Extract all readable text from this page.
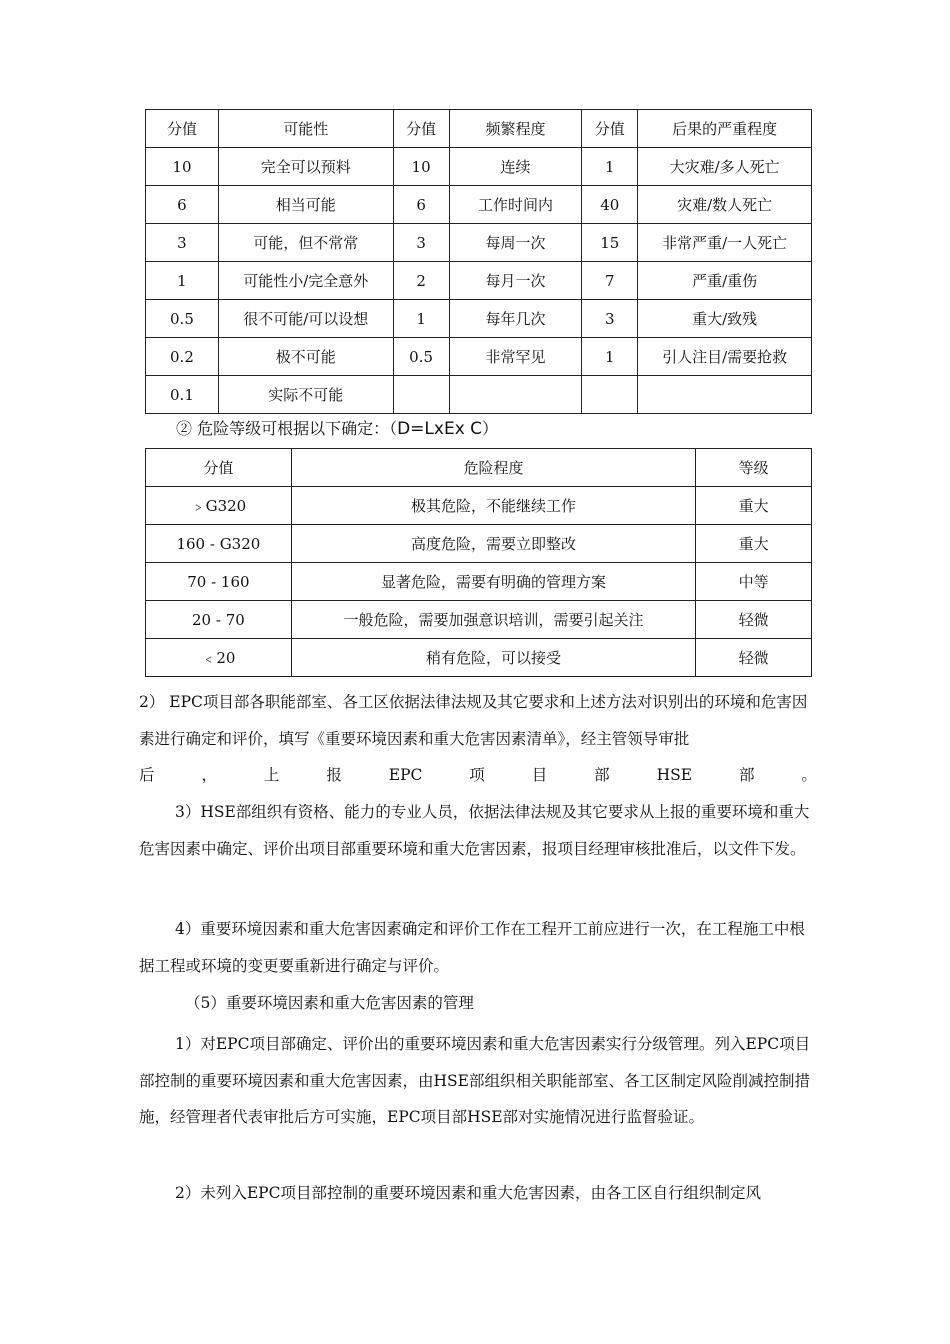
分值	可能性	分值	频繁程度	分值	后果的严重程度
10	完全可以预料	10	连续	1	大灾难/多人死亡
6	相当可能	6	工作时间内	40	灾难/数人死亡
3	可能，但不常常	3	每周一次	15	非常严重/一人死亡
1	可能性小/完全意外	2	每月一次	7	严重/重伤
0.5	很不可能/可以设想	1	每年几次	3	重大/致残
0.2	极不可能	0.5	非常罕见	1	引人注目/需要抢救
0.1	实际不可能				
② 危险等级可根据以下确定：（D=LxEx C）
分值	危险程度	等级
﹥G320	极其危险，不能继续工作	重大
160 - G320	高度危险，需要立即整改	重大
70 - 160	显著危险，需要有明确的管理方案	中等
20 - 70	一般危险，需要加强意识培训，需要引起关注	轻微
﹤20	稍有危险，可以接受	轻微
2） EPC项目部各职能部室、各工区依据法律法规及其它要求和上述方法对识别出的环境和危害因素进行确定和评价，填写《重要环境因素和重大危害因素清单》，经主管领导审批
后	，	上	报	EPC	项	目	部	HSE	部	。
3）HSE部组织有资格、能力的专业人员，依据法律法规及其它要求从上报的重要环境和重大危害因素中确定、评价出项目部重要环境和重大危害因素，报项目经理审核批准后，以文件下发。
4）重要环境因素和重大危害因素确定和评价工作在工程开工前应进行一次，在工程施工中根据工程或环境的变更要重新进行确定与评价。
（5）重要环境因素和重大危害因素的管理
1）对EPC项目部确定、评价出的重要环境因素和重大危害因素实行分级管理。列入EPC项目部控制的重要环境因素和重大危害因素，由HSE部组织相关职能部室、各工区制定风险削减控制措施，经管理者代表审批后方可实施，EPC项目部HSE部对实施情况进行监督验证。
2）未列入EPC项目部控制的重要环境因素和重大危害因素，由各工区自行组织制定风
